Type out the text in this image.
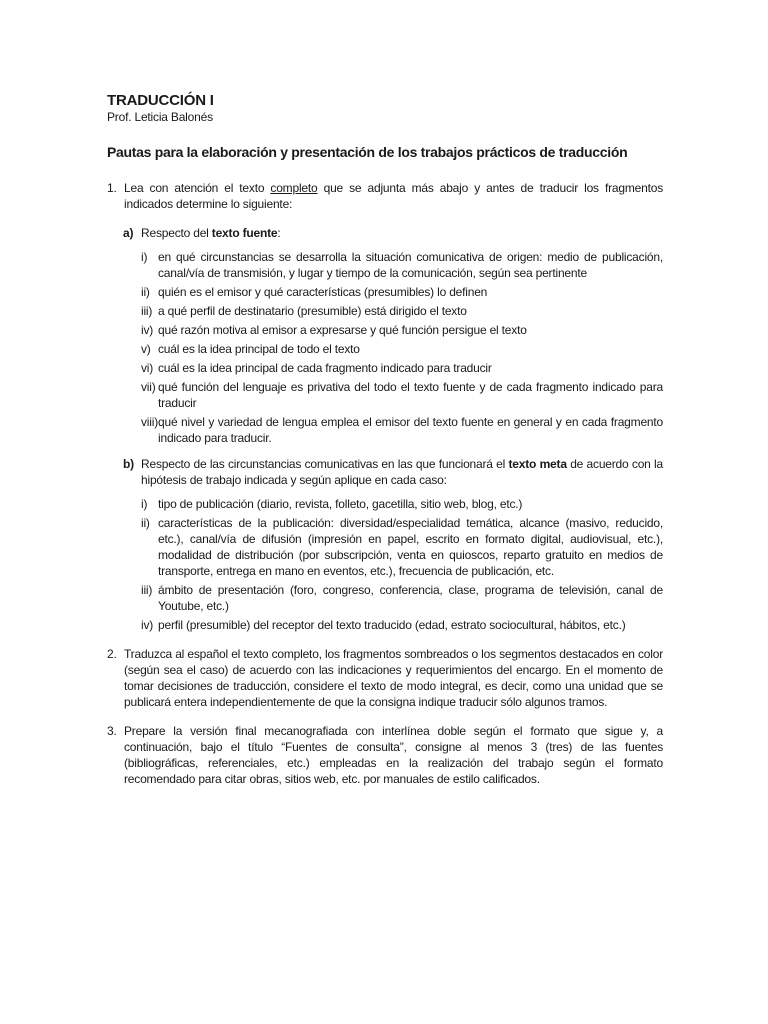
TRADUCCIÓN I
Prof. Leticia Balonés
Pautas para la elaboración y presentación de los trabajos prácticos de traducción
1. Lea con atención el texto completo que se adjunta más abajo y antes de traducir los fragmentos indicados determine lo siguiente:
a) Respecto del texto fuente:
i) en qué circunstancias se desarrolla la situación comunicativa de origen: medio de publicación, canal/vía de transmisión, y lugar y tiempo de la comunicación, según sea pertinente
ii) quién es el emisor y qué características (presumibles) lo definen
iii) a qué perfil de destinatario (presumible) está dirigido el texto
iv) qué razón motiva al emisor a expresarse y qué función persigue el texto
v) cuál es la idea principal de todo el texto
vi) cuál es la idea principal de cada fragmento indicado para traducir
vii) qué función del lenguaje es privativa del todo el texto fuente y de cada fragmento indicado para traducir
viii) qué nivel y variedad de lengua emplea el emisor del texto fuente en general y en cada fragmento indicado para traducir.
b) Respecto de las circunstancias comunicativas en las que funcionará el texto meta de acuerdo con la hipótesis de trabajo indicada y según aplique en cada caso:
i) tipo de publicación (diario, revista, folleto, gacetilla, sitio web, blog, etc.)
ii) características de la publicación: diversidad/especialidad temática, alcance (masivo, reducido, etc.), canal/vía de difusión (impresión en papel, escrito en formato digital, audiovisual, etc.), modalidad de distribución (por subscripción, venta en quioscos, reparto gratuito en medios de transporte, entrega en mano en eventos, etc.), frecuencia de publicación, etc.
iii) ámbito de presentación (foro, congreso, conferencia, clase, programa de televisión, canal de Youtube, etc.)
iv) perfil (presumible) del receptor del texto traducido (edad, estrato sociocultural, hábitos, etc.)
2. Traduzca al español el texto completo, los fragmentos sombreados o los segmentos destacados en color (según sea el caso) de acuerdo con las indicaciones y requerimientos del encargo. En el momento de tomar decisiones de traducción, considere el texto de modo integral, es decir, como una unidad que se publicará entera independientemente de que la consigna indique traducir sólo algunos tramos.
3. Prepare la versión final mecanografiada con interlínea doble según el formato que sigue y, a continuación, bajo el título “Fuentes de consulta”, consigne al menos 3 (tres) de las fuentes (bibliográficas, referenciales, etc.) empleadas en la realización del trabajo según el formato recomendado para citar obras, sitios web, etc. por manuales de estilo calificados.
